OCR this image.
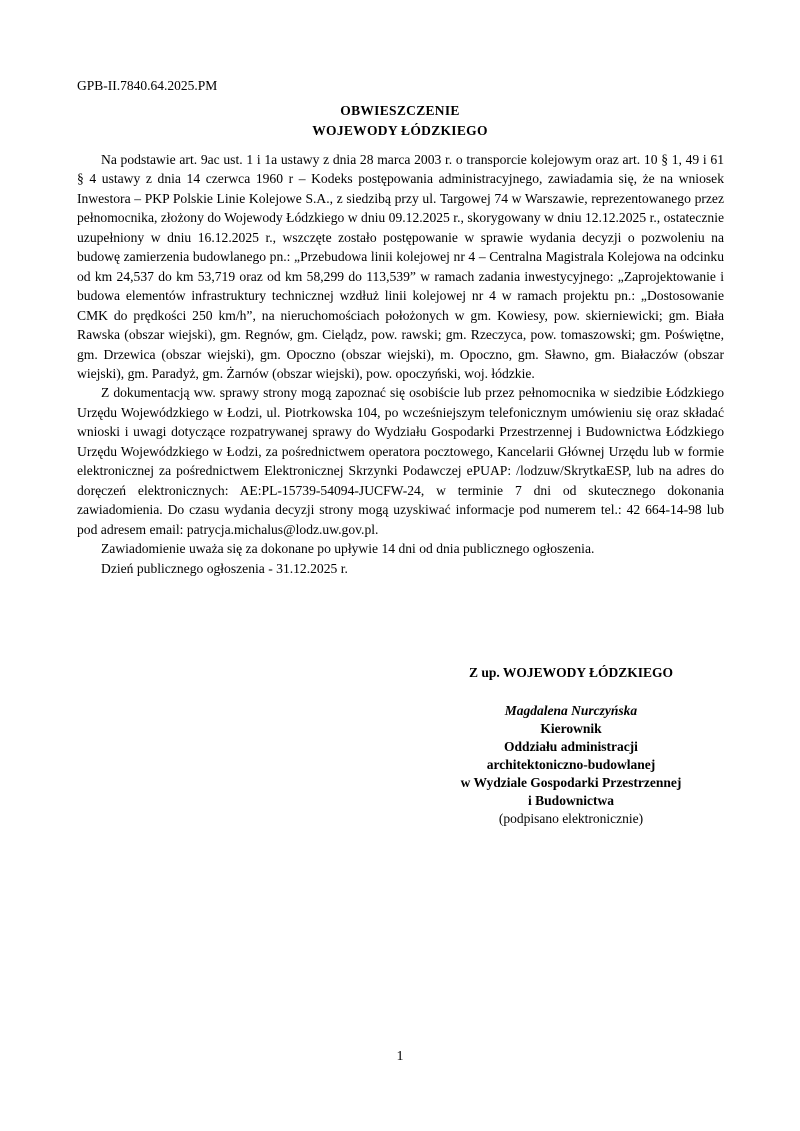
GPB-II.7840.64.2025.PM
OBWIESZCZENIE
WOJEWODY ŁÓDZKIEGO

Na podstawie art. 9ac ust. 1 i 1a ustawy z dnia 28 marca 2003 r. o transporcie kolejowym oraz art. 10 § 1, 49 i 61 § 4 ustawy z dnia 14 czerwca 1960 r – Kodeks postępowania administracyjnego, zawiadamia się, że na wniosek Inwestora – PKP Polskie Linie Kolejowe S.A., z siedzibą przy ul. Targowej 74 w Warszawie, reprezentowanego przez pełnomocnika, złożony do Wojewody Łódzkiego w dniu 09.12.2025 r., skorygowany w dniu 12.12.2025 r., ostatecznie uzupełniony w dniu 16.12.2025 r., wszczęte zostało postępowanie w sprawie wydania decyzji o pozwoleniu na budowę zamierzenia budowlanego pn.: „Przebudowa linii kolejowej nr 4 – Centralna Magistrala Kolejowa na odcinku od km 24,537 do km 53,719 oraz od km 58,299 do 113,539” w ramach zadania inwestycyjnego: „Zaprojektowanie i budowa elementów infrastruktury technicznej wzdłuż linii kolejowej nr 4 w ramach projektu pn.: „Dostosowanie CMK do prędkości 250 km/h”, na nieruchomościach położonych w gm. Kowiesy, pow. skierniewicki; gm. Biała Rawska (obszar wiejski), gm. Regnów, gm. Cielądz, pow. rawski; gm. Rzeczyca, pow. tomaszowski; gm. Poświętne, gm. Drzewica (obszar wiejski), gm. Opoczno (obszar wiejski), m. Opoczno, gm. Sławno, gm. Białaczów (obszar wiejski), gm. Paradyż, gm. Żarnów (obszar wiejski), pow. opoczyński, woj. łódzkie.

Z dokumentacją ww. sprawy strony mogą zapoznać się osobiście lub przez pełnomocnika w siedzibie Łódzkiego Urzędu Wojewódzkiego w Łodzi, ul. Piotrkowska 104, po wcześniejszym telefonicznym umówieniu się oraz składać wnioski i uwagi dotyczące rozpatrywanej sprawy do Wydziału Gospodarki Przestrzennej i Budownictwa Łódzkiego Urzędu Wojewódzkiego w Łodzi, za pośrednictwem operatora pocztowego, Kancelarii Głównej Urzędu lub w formie elektronicznej za pośrednictwem Elektronicznej Skrzynki Podawczej ePUAP: /lodzuw/SkrytkaESP, lub na adres do doręczeń elektronicznych: AE:PL-15739-54094-JUCFW-24, w terminie 7 dni od skutecznego dokonania zawiadomienia. Do czasu wydania decyzji strony mogą uzyskiwać informacje pod numerem tel.: 42 664-14-98 lub pod adresem email: patrycja.michalus@lodz.uw.gov.pl.

Zawiadomienie uważa się za dokonane po upływie 14 dni od dnia publicznego ogłoszenia.

Dzień publicznego ogłoszenia - 31.12.2025 r.

Z up. WOJEWODY ŁÓDZKIEGO
Magdalena Nurczyńska
Kierownik
Oddziału administracji
architektoniczno-budowlanej
w Wydziale Gospodarki Przestrzennej
i Budownictwa
(podpisano elektronicznie)
1
